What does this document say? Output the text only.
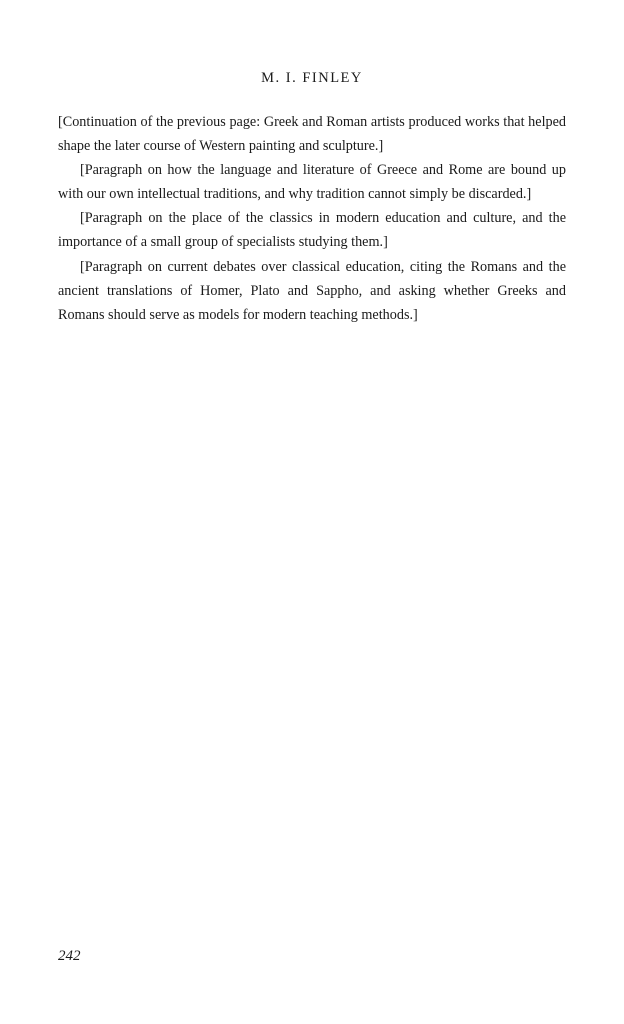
M. I. FINLEY

[Continuation of the previous page: Greek and Roman artists produced works that helped shape the later course of Western painting and sculpture.]

[Paragraph on how the language and literature of Greece and Rome are bound up with our own intellectual traditions, and why tradition cannot simply be discarded.]

[Paragraph on the place of the classics in modern education and culture, and the importance of a small group of specialists studying them.]

[Paragraph on current debates over classical education, citing the Romans and the ancient translations of Homer, Plato and Sappho, and asking whether Greeks and Romans should serve as models for modern teaching methods.]

242
